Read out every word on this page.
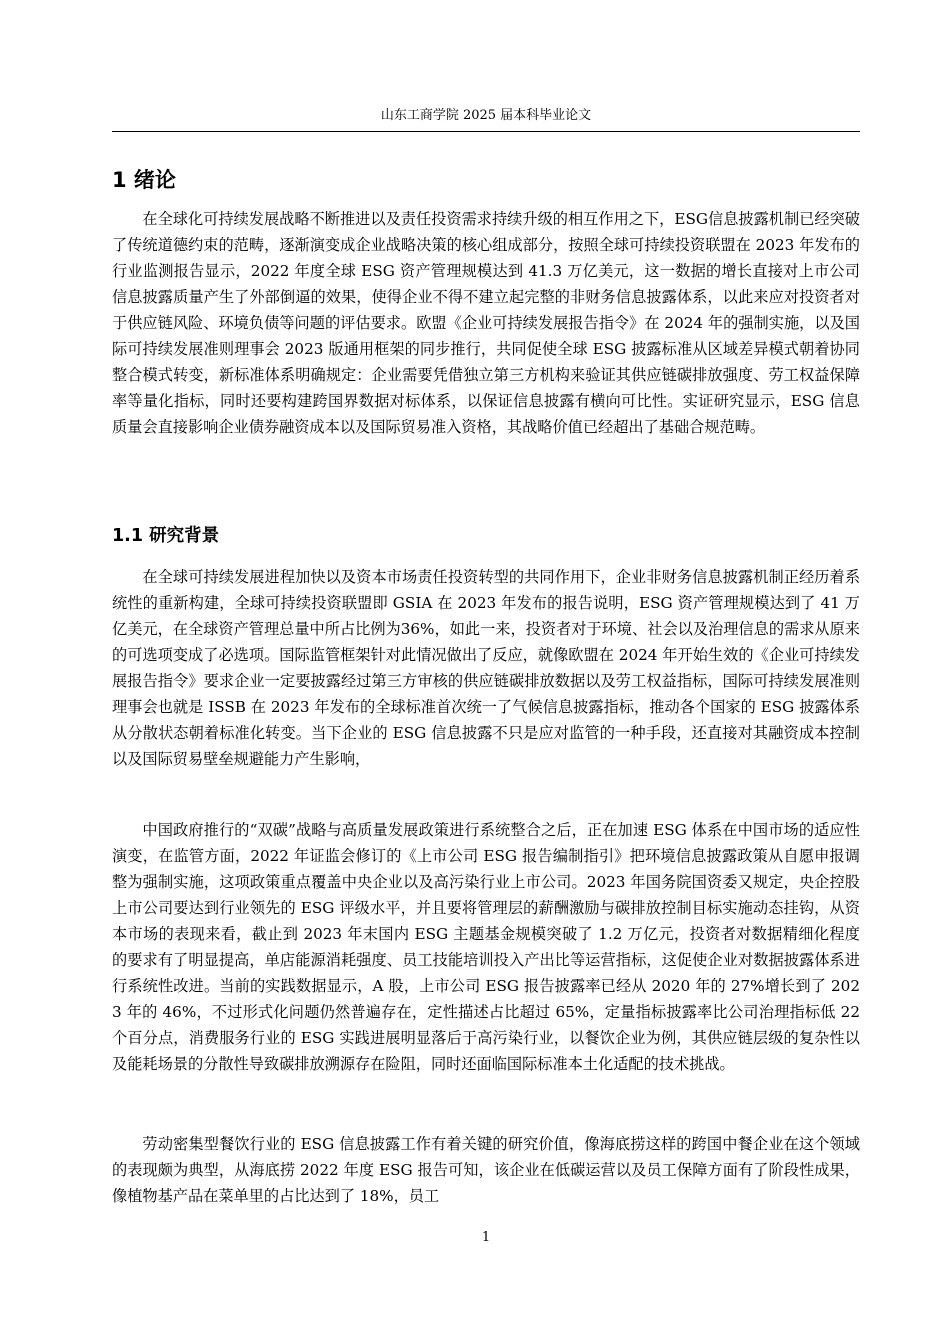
山东工商学院 2025 届本科毕业论文
1 绪论

在全球化可持续发展战略不断推进以及责任投资需求持续升级的相互作用之下，ESG信息披露机制已经突破了传统道德约束的范畴，逐渐演变成企业战略决策的核心组成部分，按照全球可持续投资联盟在 2023 年发布的行业监测报告显示，2022 年度全球 ESG 资产管理规模达到 41.3 万亿美元，这一数据的增长直接对上市公司信息披露质量产生了外部倒逼的效果，使得企业不得不建立起完整的非财务信息披露体系，以此来应对投资者对于供应链风险、环境负债等问题的评估要求。欧盟《企业可持续发展报告指令》在 2024 年的强制实施，以及国际可持续发展准则理事会 2023 版通用框架的同步推行，共同促使全球 ESG 披露标准从区域差异模式朝着协同整合模式转变，新标准体系明确规定：企业需要凭借独立第三方机构来验证其供应链碳排放强度、劳工权益保障率等量化指标，同时还要构建跨国界数据对标体系，以保证信息披露有横向可比性。实证研究显示，ESG 信息质量会直接影响企业债券融资成本以及国际贸易准入资格，其战略价值已经超出了基础合规范畴。

1.1 研究背景

在全球可持续发展进程加快以及资本市场责任投资转型的共同作用下，企业非财务信息披露机制正经历着系统性的重新构建，全球可持续投资联盟即 GSIA 在 2023 年发布的报告说明，ESG 资产管理规模达到了 41 万亿美元，在全球资产管理总量中所占比例为36%，如此一来，投资者对于环境、社会以及治理信息的需求从原来的可选项变成了必选项。国际监管框架针对此情况做出了反应，就像欧盟在 2024 年开始生效的《企业可持续发展报告指令》要求企业一定要披露经过第三方审核的供应链碳排放数据以及劳工权益指标，国际可持续发展准则理事会也就是 ISSB 在 2023 年发布的全球标准首次统一了气候信息披露指标，推动各个国家的 ESG 披露体系从分散状态朝着标准化转变。当下企业的 ESG 信息披露不只是应对监管的一种手段，还直接对其融资成本控制以及国际贸易壁垒规避能力产生影响，

中国政府推行的“双碳”战略与高质量发展政策进行系统整合之后，正在加速 ESG 体系在中国市场的适应性演变，在监管方面，2022 年证监会修订的《上市公司 ESG 报告编制指引》把环境信息披露政策从自愿申报调整为强制实施，这项政策重点覆盖中央企业以及高污染行业上市公司。2023 年国务院国资委又规定，央企控股上市公司要达到行业领先的 ESG 评级水平，并且要将管理层的薪酬激励与碳排放控制目标实施动态挂钩，从资本市场的表现来看，截止到 2023 年末国内 ESG 主题基金规模突破了 1.2 万亿元，投资者对数据精细化程度的要求有了明显提高，单店能源消耗强度、员工技能培训投入产出比等运营指标，这促使企业对数据披露体系进行系统性改进。当前的实践数据显示，A 股，上市公司 ESG 报告披露率已经从 2020 年的 27%增长到了 2023 年的 46%，不过形式化问题仍然普遍存在，定性描述占比超过 65%，定量指标披露率比公司治理指标低 22 个百分点，消费服务行业的 ESG 实践进展明显落后于高污染行业，以餐饮企业为例，其供应链层级的复杂性以及能耗场景的分散性导致碳排放溯源存在险阻，同时还面临国际标准本土化适配的技术挑战。

劳动密集型餐饮行业的 ESG 信息披露工作有着关键的研究价值，像海底捞这样的跨国中餐企业在这个领域的表现颇为典型，从海底捞 2022 年度 ESG 报告可知，该企业在低碳运营以及员工保障方面有了阶段性成果，像植物基产品在菜单里的占比达到了 18%，员工

1
